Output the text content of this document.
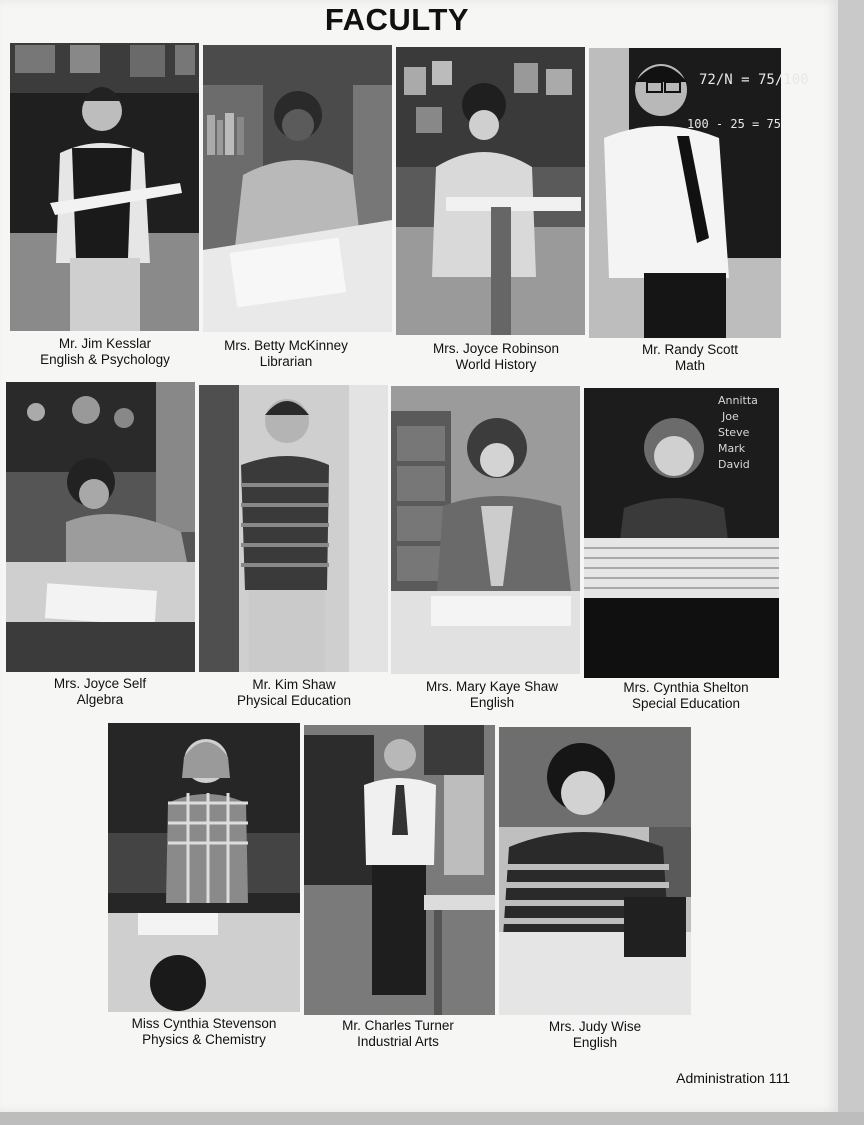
FACULTY
Mr. Jim Kesslar
English & Psychology
Mrs. Betty McKinney
Librarian
Mrs. Joyce Robinson
World History
72/N = 75/100
100 - 25 = 75
Mr. Randy Scott
Math
Mrs. Joyce Self
Algebra
Mr. Kim Shaw
Physical Education
Mrs. Mary Kaye Shaw
English
Annitta
Joe
Steve
Mark
David
Mrs. Cynthia Shelton
Special Education
Miss Cynthia Stevenson
Physics & Chemistry
Mr. Charles Turner
Industrial Arts
Mrs. Judy Wise
English
Administration 111
